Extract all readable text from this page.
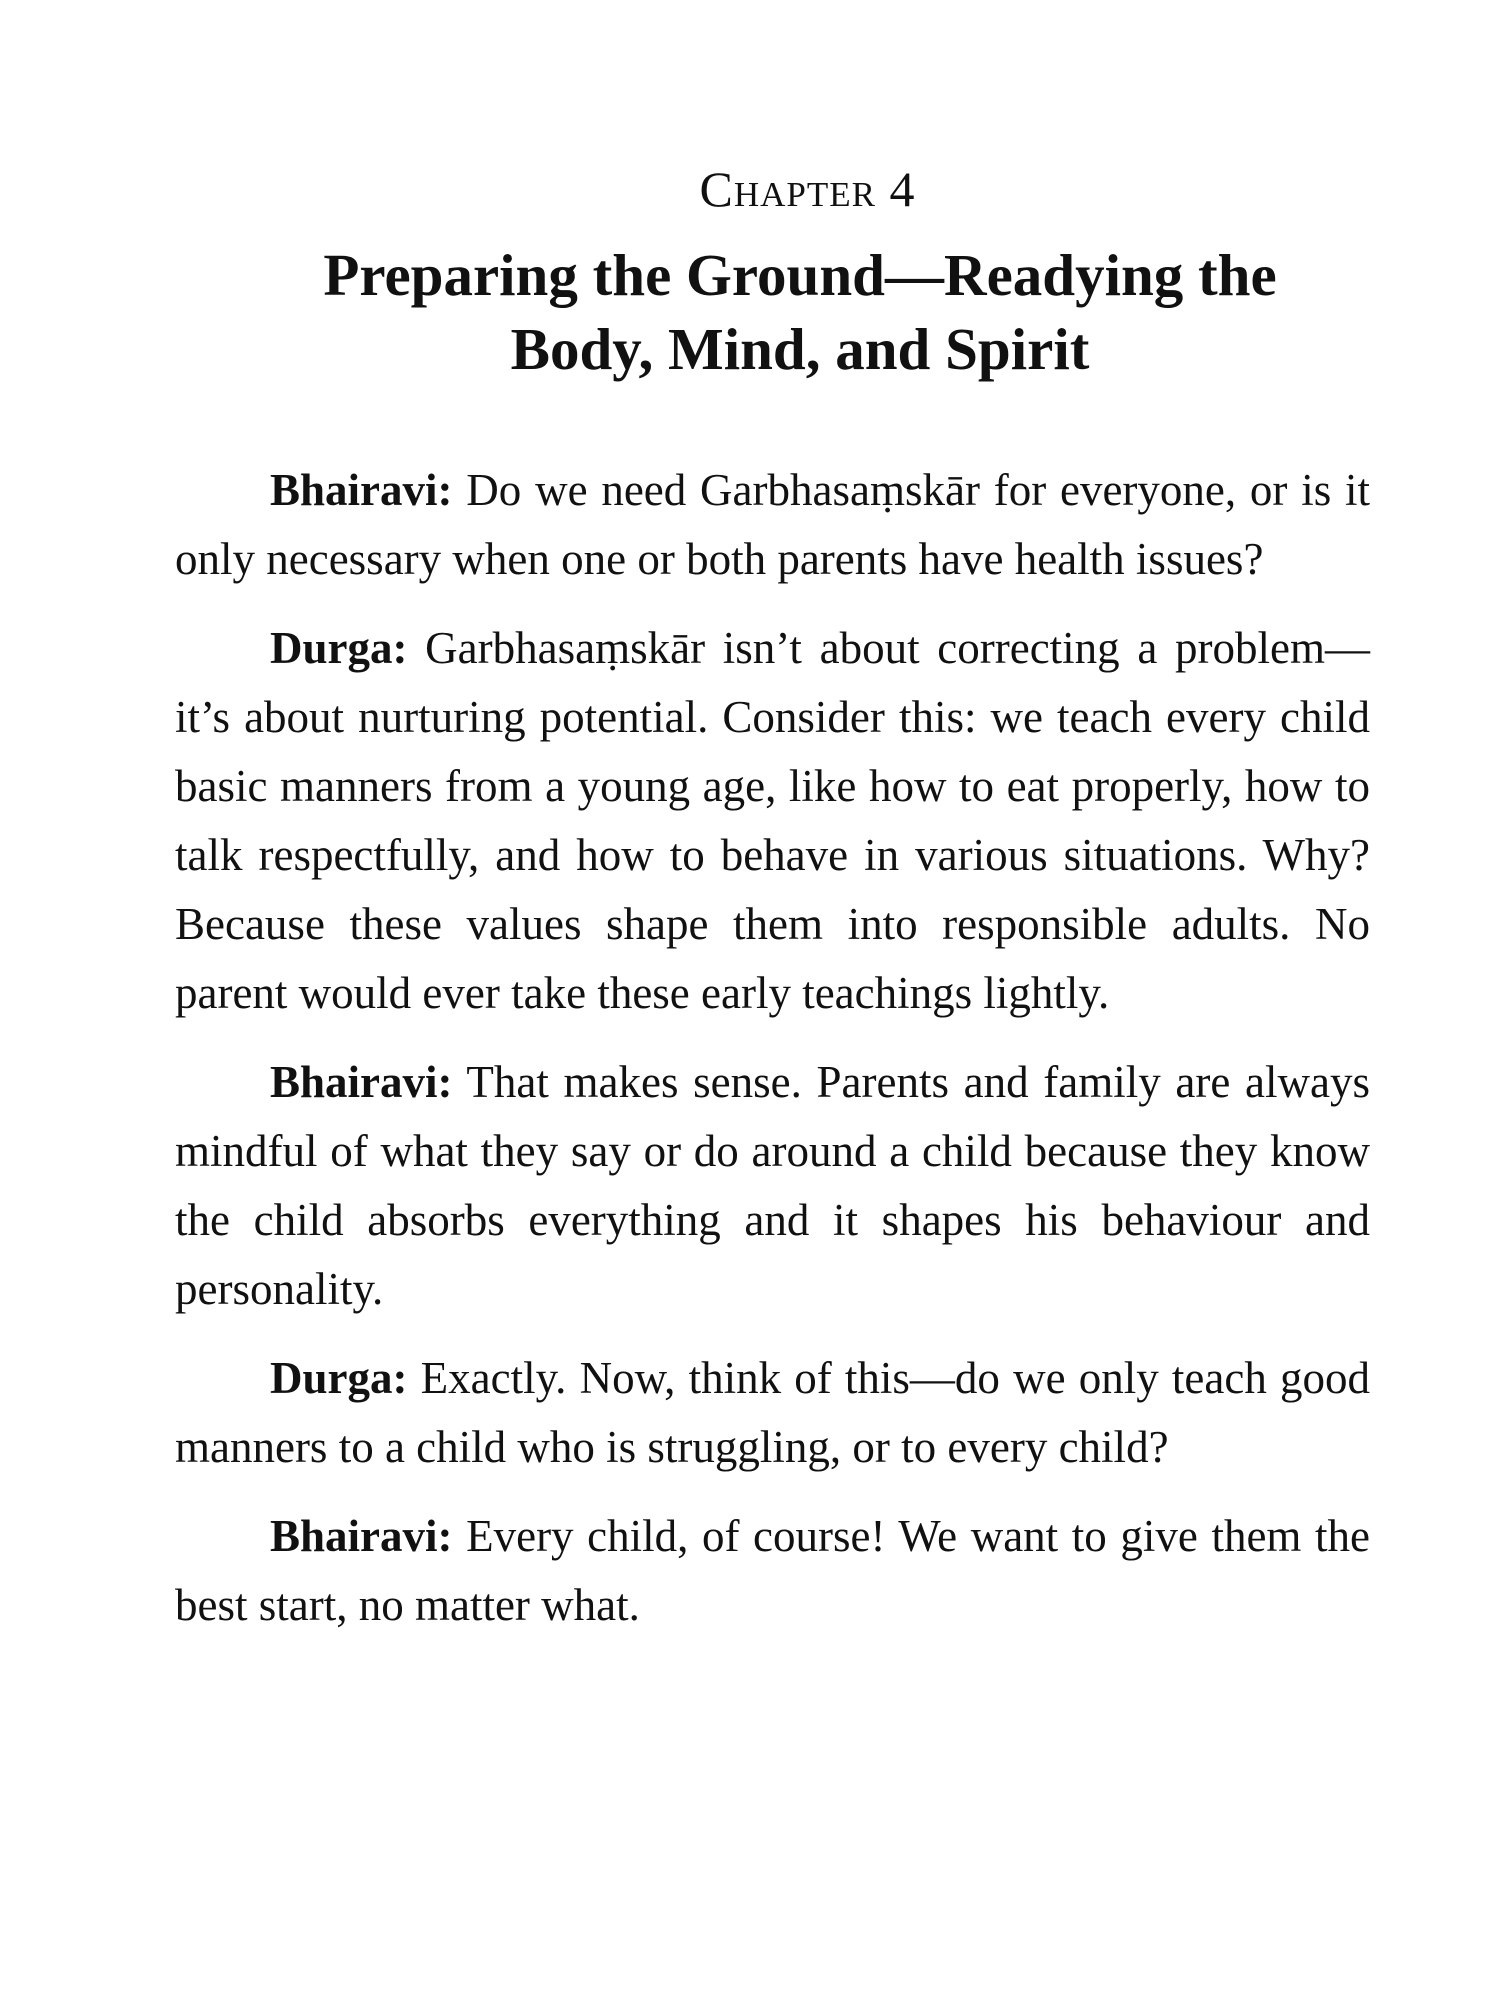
Chapter 4
Preparing the Ground—Readying the
Body, Mind, and Spirit

Bhairavi: Do we need Garbhasaṃskār for everyone, or is it only necessary when one or both parents have health issues?

Durga: Garbhasaṃskār isn’t about correcting a problem—it’s about nurturing potential. Consider this: we teach every child basic manners from a young age, like how to eat properly, how to talk respectfully, and how to behave in various situations. Why? Because these values shape them into responsible adults. No parent would ever take these early teachings lightly.

Bhairavi: That makes sense. Parents and family are always mindful of what they say or do around a child because they know the child absorbs everything and it shapes his behaviour and personality.

Durga: Exactly. Now, think of this—do we only teach good manners to a child who is struggling, or to every child?

Bhairavi: Every child, of course! We want to give them the best start, no matter what.
